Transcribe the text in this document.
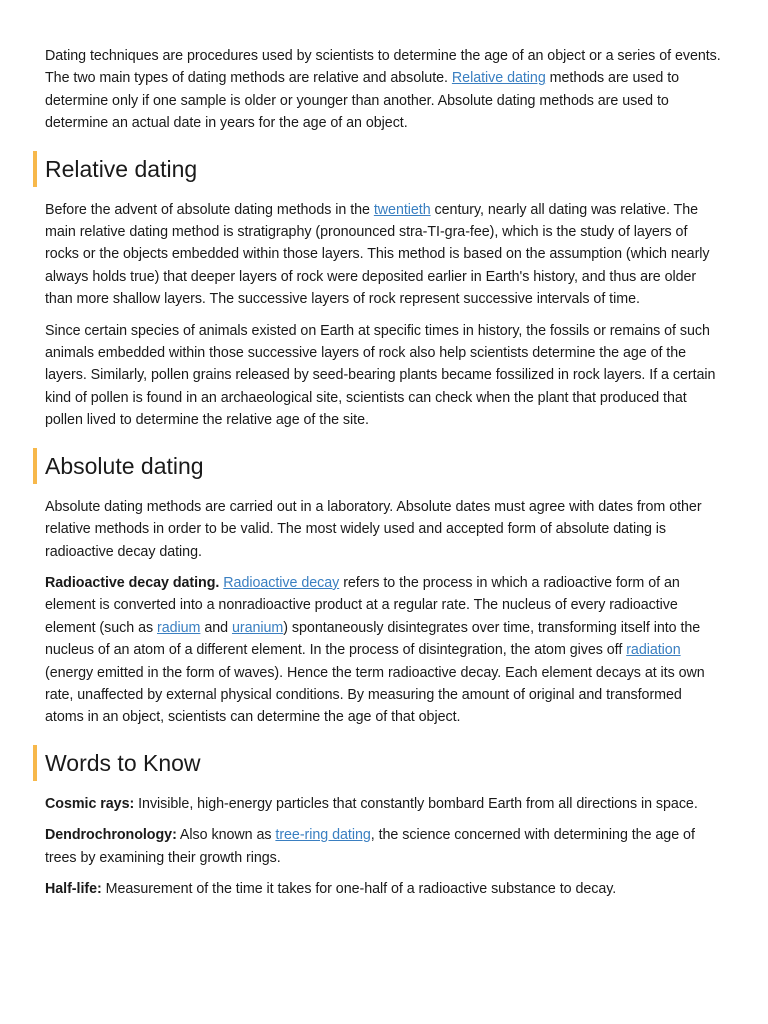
Dating techniques are procedures used by scientists to determine the age of an object or a series of events. The two main types of dating methods are relative and absolute. Relative dating methods are used to determine only if one sample is older or younger than another. Absolute dating methods are used to determine an actual date in years for the age of an object.

Relative dating

Before the advent of absolute dating methods in the twentieth century, nearly all dating was relative. The main relative dating method is stratigraphy (pronounced stra-TI-gra-fee), which is the study of layers of rocks or the objects embedded within those layers. This method is based on the assumption (which nearly always holds true) that deeper layers of rock were deposited earlier in Earth's history, and thus are older than more shallow layers. The successive layers of rock represent successive intervals of time.

Since certain species of animals existed on Earth at specific times in history, the fossils or remains of such animals embedded within those successive layers of rock also help scientists determine the age of the layers. Similarly, pollen grains released by seed-bearing plants became fossilized in rock layers. If a certain kind of pollen is found in an archaeological site, scientists can check when the plant that produced that pollen lived to determine the relative age of the site.

Absolute dating

Absolute dating methods are carried out in a laboratory. Absolute dates must agree with dates from other relative methods in order to be valid. The most widely used and accepted form of absolute dating is radioactive decay dating.

Radioactive decay dating. Radioactive decay refers to the process in which a radioactive form of an element is converted into a nonradioactive product at a regular rate. The nucleus of every radioactive element (such as radium and uranium) spontaneously disintegrates over time, transforming itself into the nucleus of an atom of a different element. In the process of disintegration, the atom gives off radiation (energy emitted in the form of waves). Hence the term radioactive decay. Each element decays at its own rate, unaffected by external physical conditions. By measuring the amount of original and transformed atoms in an object, scientists can determine the age of that object.

Words to Know

Cosmic rays: Invisible, high-energy particles that constantly bombard Earth from all directions in space.

Dendrochronology: Also known as tree-ring dating, the science concerned with determining the age of trees by examining their growth rings.

Half-life: Measurement of the time it takes for one-half of a radioactive substance to decay.
